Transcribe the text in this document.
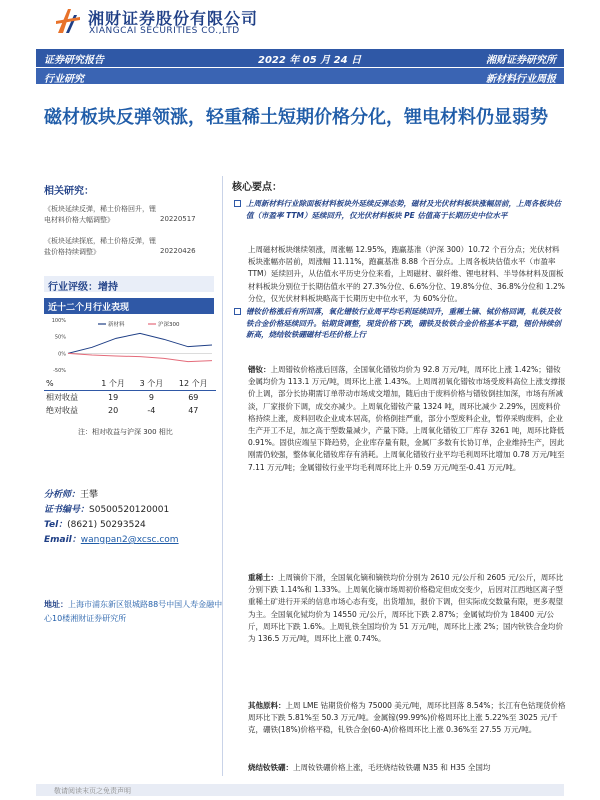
湘财证券股份有限公司
XIANGCAI SECURITIES CO.,LTD
证券研究报告	2022 年 05 月 24 日	湘财证券研究所
行业研究	新材料行业周报
磁材板块反弹领涨，轻重稀土短期价格分化，锂电材料仍显弱势
相关研究：
《板块延续反弹，稀土价格回升，锂电材料价格大幅调整》	20220517
《板块延续探底，稀土价格反弹，锂盐价格持续调整》	20220426
行业评级：增持
近十二个月行业表现
100%
50%
0%
-50%
新材料	沪深300
%	1 个月	3 个月	12 个月
相对收益	19	9	69
绝对收益	20	-4	47
注：相对收益与沪深 300 相比
分析师：王攀
证书编号：S0500520120001
Tel：(8621) 50293524
Email：wangpan2@xcsc.com
地址：上海市浦东新区银城路88号中国人寿金融中心10楼湘财证券研究所
核心要点：
上周新材料行业除面板材料板块外延续反弹态势，磁材及光伏材料板块涨幅居前，上周各板块估值（市盈率 TTM）延续回升，仅光伏材料板块 PE 估值高于长期历史中位水平
上周磁材板块继续领涨，周涨幅 12.95%，跑赢基准（沪深 300）10.72 个百分点；光伏材料板块涨幅亦居前，周涨幅 11.11%，跑赢基准 8.88 个百分点。上周各板块估值水平（市盈率 TTM）延续回升，从估值水平历史分位来看，上周磁材、碳纤维、锂电材料、半导体材料及面板材料板块分别位于长期估值水平的 27.3%分位、6.6%分位、19.8%分位、36.8%分位和 1.2%分位，仅光伏材料板块略高于长期历史中位水平，为 60%分位。
镨钕价格涨后有所回落，氧化镨钕行业周平均毛利延续回升，重稀土镝、铽价格回调，轧铁及钕铁合金价格延续回升。钴期货调整，现货价格下跌，硼铁及钕铁合金价格基本平稳，锂价持续创新高，烧结钕铁硼磁材毛坯价格上行
镨钕：上周镨钕价格涨后回落，全国氧化镨钕均价为 92.8 万元/吨，周环比上涨 1.42%；镨钕金属均价为 113.1 万元/吨，周环比上涨 1.43%。上周周初氧化镨钕市场受废料高位上涨支撑报价上调，部分长协期需订单带动市场成交增加，随后由于废料价格与镨钕倒挂加深，市场有所减淡，厂家报价下调，成交亦减少。上周氧化镨钕产量 1324 吨，周环比减少 2.29%，因废料价格持续上涨，废料回收企业成本居高，价格倒挂严重，部分小型废料企业，暂停采购废料，企业生产开工不足，加之高于型数量减少，产量下降。上周氧化镨钕工厂库存 3261 吨，周环比降低 0.91%。固供应端呈下降趋势，企业库存量有限，金属厂多数有长协订单，企业维持生产，因此刚需仍较强，整体氧化镨钕库存有消耗。上周氧化镨钕行业平均毛利周环比增加 0.78 万元/吨至 7.11 万元/吨；金属镨钕行业平均毛利周环比上升 0.59 万元/吨至-0.41 万元/吨。
重稀土：上周镝价下滑，全国氧化镝和镝铁均价分别为 2610 元/公斤和 2605 元/公斤，周环比分别下跌 1.14%和 1.33%。上周氧化镝市场周初价格稳定但成交变少，后因对江西地区离子型重稀土矿进行开采的信息市场心态有变，出货增加，报价下调，但实际成交数量有限，更多观望为主。全国氧化铽均价为 14550 元/公斤，周环比下跌 2.87%；金属铽均价为 18400 元/公斤，周环比下跌 1.6%。上周钆铁全国均价为 51 万元/吨，周环比上涨 2%；国内钬铁合金均价为 136.5 万元/吨，周环比上涨 0.74%。
其他原料：上周 LME 钴期货价格为 75000 美元/吨，周环比回落 8.54%；长江有色钴现货价格周环比下跌 5.81%至 50.3 万元/吨。金属镓(99.99%)价格周环比上涨 5.22%至 3025 元/千克，硼铁(18%)价格平稳，钆铁合金(60-A)价格周环比上涨 0.36%至 27.55 万元/吨。
烧结钕铁硼：上周钕铁硼价格上涨，毛坯烧结钕铁硼 N35 和 H35 全国均
敬请阅读末页之免责声明
